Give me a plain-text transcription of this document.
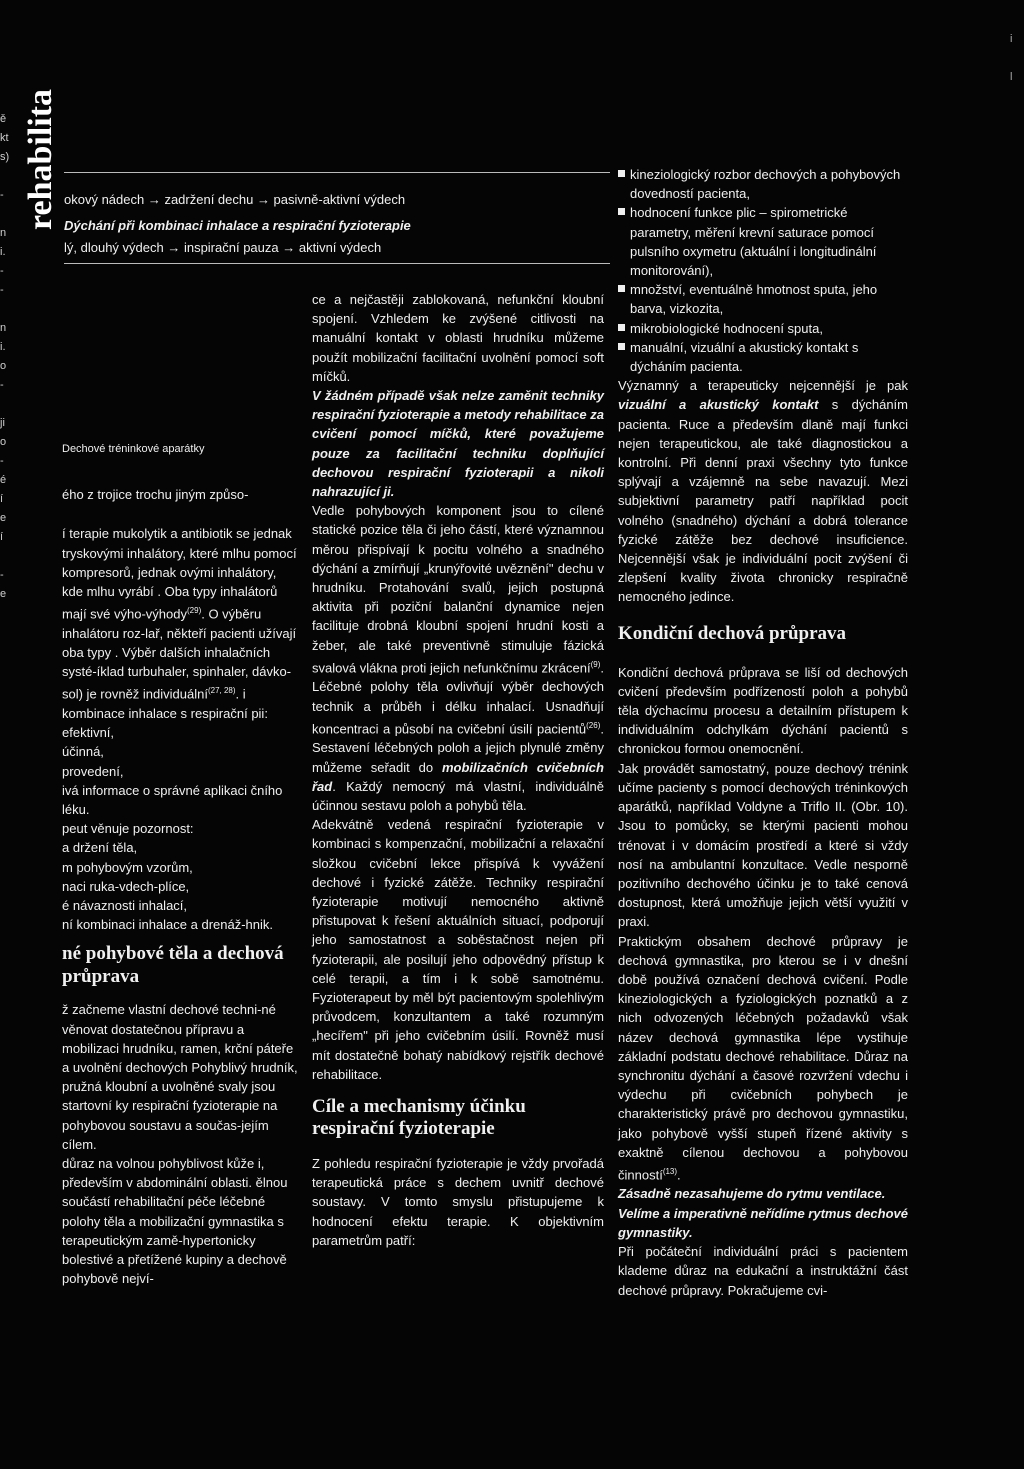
ě
kt
s)
-
n
i.
-
-
n
i.
o
-
ji
o
-
é
í
e
í
-
e
rehabilita okový nádech → zadržení dechu → pasivně-aktivní výdech
Dýchání při kombinaci inhalace a respirační fyzioterapie
lý, dlouhý výdech → inspirační pauza → aktivní výdech

Dechové tréninkové aparátky

ého z trojice trochu jiným způso-

í terapie mukolytik a antibiotik se jednak tryskovými inhalátory, které mlhu pomocí kompresorů, jednak ovými inhalátory, kde mlhu vyrábí . Oba typy inhalátorů mají své výho-výhody$^{(29)}$. O výběru inhalátoru roz-lař, někteří pacienti užívají oba typy . Výběr dalších inhalačních systé-íklad turbuhaler, spinhaler, dávko-sol) je rovněž individuální$^{(27, 28)}$. i kombinace inhalace s respirační pii:

efektivní,
účinná,
provedení,
ivá informace o správné aplikaci čního léku.

peut věnuje pozornost:

a držení těla,
m pohybovým vzorům,
naci ruka-vdech-plíce,
é návaznosti inhalací,
ní kombinaci inhalace a drenáž-hnik.
né pohybové těla a dechová průprava

ž začneme vlastní dechové techni-né věnovat dostatečnou přípravu a mobilizaci hrudníku, ramen, krční páteře a uvolnění dechových Pohyblivý hrudník, pružná kloubní a uvolněné svaly jsou startovní ky respirační fyzioterapie na pohybovou soustavu a součas-jejím cílem.

důraz na volnou pohyblivost kůže i, především v abdominální oblasti. ělnou součástí rehabilitační péče léčebné polohy těla a mobilizační gymnastika s terapeutickým zamě-hypertonicky bolestivé a přetížené kupiny a dechově pohybově nejví-

ce a nejčastěji zablokovaná, nefunkční kloubní spojení. Vzhledem ke zvýšené citlivosti na manuální kontakt v oblasti hrudníku můžeme použít mobilizační facilitační uvolnění pomocí soft míčků.

V žádném případě však nelze zaměnit techniky respirační fyzioterapie a metody rehabilitace za cvičení pomocí míčků, které považujeme pouze za facilitační techniku doplňující dechovou respirační fyzioterapii a nikoli nahrazující ji.

Vedle pohybových komponent jsou to cílené statické pozice těla či jeho částí, které významnou měrou přispívají k pocitu volného a snadného dýchání a zmírňují „krunýřovité uvěznění" dechu v hrudníku. Protahování svalů, jejich postupná aktivita při poziční balanční dynamice nejen facilituje drobná kloubní spojení hrudní kosti a žeber, ale také preventivně stimuluje fázická svalová vlákna proti jejich nefunkčnímu zkrácení$^{(9)}$. Léčebné polohy těla ovlivňují výběr dechových technik a průběh i délku inhalací. Usnadňují koncentraci a působí na cvičební úsilí pacientů$^{(26)}$. Sestavení léčebných poloh a jejich plynulé změny můžeme seřadit do mobilizačních cvičebních řad. Každý nemocný má vlastní, individuálně účinnou sestavu poloh a pohybů těla.

Adekvátně vedená respirační fyzioterapie v kombinaci s kompenzační, mobilizační a relaxační složkou cvičební lekce přispívá k vyvážení dechové i fyzické zátěže. Techniky respirační fyzioterapie motivují nemocného aktivně přistupovat k řešení aktuálních situací, podporují jeho samostatnost a soběstačnost nejen při fyzioterapii, ale posilují jeho odpovědný přístup k celé terapii, a tím i k sobě samotnému. Fyzioterapeut by měl být pacientovým spolehlivým průvodcem, konzultantem a také rozumným „hecířem" při jeho cvičebním úsilí. Rovněž musí mít dostatečně bohatý nabídkový rejstřík dechové rehabilitace.

Cíle a mechanismy účinku respirační fyzioterapie

Z pohledu respirační fyzioterapie je vždy prvořadá terapeutická práce s dechem uvnitř dechové soustavy. V tomto smyslu přistupujeme k hodnocení efektu terapie. K objektivním parametrům patří:

kineziologický rozbor dechových a pohybových dovedností pacienta,
hodnocení funkce plic – spirometrické parametry, měření krevní saturace pomocí pulsního oxymetru (aktuální i longitudinální monitorování),
množství, eventuálně hmotnost sputa, jeho barva, vizkozita,
mikrobiologické hodnocení sputa,
manuální, vizuální a akustický kontakt s dýcháním pacienta.

Významný a terapeuticky nejcennější je pak vizuální a akustický kontakt s dýcháním pacienta. Ruce a především dlaně mají funkci nejen terapeutickou, ale také diagnostickou a kontrolní. Při denní praxi všechny tyto funkce splývají a vzájemně na sebe navazují. Mezi subjektivní parametry patří například pocit volného (snadného) dýchání a dobrá tolerance fyzické zátěže bez dechové insuficience. Nejcennější však je individuální pocit zvýšení či zlepšení kvality života chronicky respiračně nemocného jedince.

Kondiční dechová průprava

Kondiční dechová průprava se liší od dechových cvičení především podřízeností poloh a pohybů těla dýchacímu procesu a detailním přístupem k individuálním odchylkám dýchání pacientů s chronickou formou onemocnění.

Jak provádět samostatný, pouze dechový trénink učíme pacienty s pomocí dechových tréninkových aparátků, například Voldyne a Triflo II. (Obr. 10). Jsou to pomůcky, se kterými pacienti mohou trénovat i v domácím prostředí a které si vždy nosí na ambulantní konzultace. Vedle nesporně pozitivního dechového účinku je to také cenová dostupnost, která umožňuje jejich větší využití v praxi.

Praktickým obsahem dechové průpravy je dechová gymnastika, pro kterou se i v dnešní době používá označení dechová cvičení. Podle kineziologických a fyziologických poznatků a z nich odvozených léčebných požadavků však název dechová gymnastika lépe vystihuje základní podstatu dechové rehabilitace. Důraz na synchronitu dýchání a časové rozvržení vdechu i výdechu při cvičebních pohybech je charakteristický právě pro dechovou gymnastiku, jako pohybově vyšší stupeň řízené aktivity s exaktně cílenou dechovou a pohybovou činností$^{(13)}$.

Zásadně nezasahujeme do rytmu ventilace.

Velíme a imperativně neřídíme rytmus dechové gymnastiky.

Při počáteční individuální práci s pacientem klademe důraz na edukační a instruktážní část dechové průpravy. Pokračujeme cvi-

i
l
